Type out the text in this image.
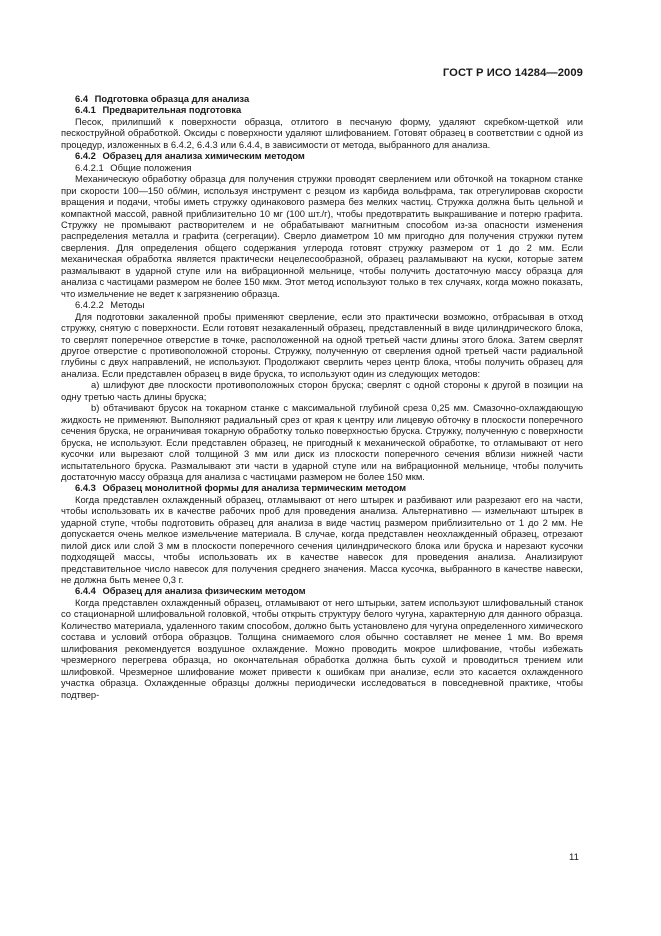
ГОСТ Р ИСО 14284—2009

6.4 Подготовка образца для анализа

6.4.1 Предварительная подготовка

Песок, прилипший к поверхности образца, отлитого в песчаную форму, удаляют скребком-щеткой или пескоструйной обработкой. Оксиды с поверхности удаляют шлифованием. Готовят образец в соответствии с одной из процедур, изложенных в 6.4.2, 6.4.3 или 6.4.4, в зависимости от метода, выбранного для анализа.

6.4.2 Образец для анализа химическим методом

6.4.2.1 Общие положения

Механическую обработку образца для получения стружки проводят сверлением или обточкой на токарном станке при скорости 100—150 об/мин, используя инструмент с резцом из карбида вольфрама, так отрегулировав скорости вращения и подачи, чтобы иметь стружку одинакового размера без мелких частиц. Стружка должна быть цельной и компактной массой, равной приблизительно 10 мг (100 шт./г), чтобы предотвратить выкрашивание и потерю графита. Стружку не промывают растворителем и не обрабатывают магнитным способом из-за опасности изменения распределения металла и графита (сегрегации). Сверло диаметром 10 мм пригодно для получения стружки путем сверления. Для определения общего содержания углерода готовят стружку размером от 1 до 2 мм. Если механическая обработка является практически нецелесообразной, образец разламывают на куски, которые затем размалывают в ударной ступе или на вибрационной мельнице, чтобы получить достаточную массу образца для анализа с частицами размером не более 150 мкм. Этот метод используют только в тех случаях, когда можно показать, что измельчение не ведет к загрязнению образца.

6.4.2.2 Методы

Для подготовки закаленной пробы применяют сверление, если это практически возможно, отбрасывая в отход стружку, снятую с поверхности. Если готовят незакаленный образец, представленный в виде цилиндрического блока, то сверлят поперечное отверстие в точке, расположенной на одной третьей части длины этого блока. Затем сверлят другое отверстие с противоположной стороны. Стружку, полученную от сверления одной третьей части радиальной глубины с двух направлений, не используют. Продолжают сверлить через центр блока, чтобы получить образец для анализа. Если представлен образец в виде бруска, то используют один из следующих методов:

a) шлифуют две плоскости противоположных сторон бруска; сверлят с одной стороны к другой в позиции на одну третью часть длины бруска;

b) обтачивают брусок на токарном станке с максимальной глубиной среза 0,25 мм. Смазочно-охлаждающую жидкость не применяют. Выполняют радиальный срез от края к центру или лицевую обточку в плоскости поперечного сечения бруска, не ограничивая токарную обработку только поверхностью бруска. Стружку, полученную с поверхности бруска, не используют. Если представлен образец, не пригодный к механической обработке, то отламывают от него кусочки или вырезают слой толщиной 3 мм или диск из плоскости поперечного сечения вблизи нижней части испытательного бруска. Размалывают эти части в ударной ступе или на вибрационной мельнице, чтобы получить достаточную массу образца для анализа с частицами размером не более 150 мкм.

6.4.3 Образец монолитной формы для анализа термическим методом

Когда представлен охлажденный образец, отламывают от него штырек и разбивают или разрезают его на части, чтобы использовать их в качестве рабочих проб для проведения анализа. Альтернативно — измельчают штырек в ударной ступе, чтобы подготовить образец для анализа в виде частиц размером приблизительно от 1 до 2 мм. Не допускается очень мелкое измельчение материала. В случае, когда представлен неохлажденный образец, отрезают пилой диск или слой 3 мм в плоскости поперечного сечения цилиндрического блока или бруска и нарезают кусочки подходящей массы, чтобы использовать их в качестве навесок для проведения анализа. Анализируют представительное число навесок для получения среднего значения. Масса кусочка, выбранного в качестве навески, не должна быть менее 0,3 г.

6.4.4 Образец для анализа физическим методом

Когда представлен охлажденный образец, отламывают от него штырьки, затем используют шлифовальный станок со стационарной шлифовальной головкой, чтобы открыть структуру белого чугуна, характерную для данного образца. Количество материала, удаленного таким способом, должно быть установлено для чугуна определенного химического состава и условий отбора образцов. Толщина снимаемого слоя обычно составляет не менее 1 мм. Во время шлифования рекомендуется воздушное охлаждение. Можно проводить мокрое шлифование, чтобы избежать чрезмерного перегрева образца, но окончательная обработка должна быть сухой и проводиться трением или шлифовкой. Чрезмерное шлифование может привести к ошибкам при анализе, если это касается охлажденного участка образца. Охлажденные образцы должны периодически исследоваться в повседневной практике, чтобы подтвер-

11
